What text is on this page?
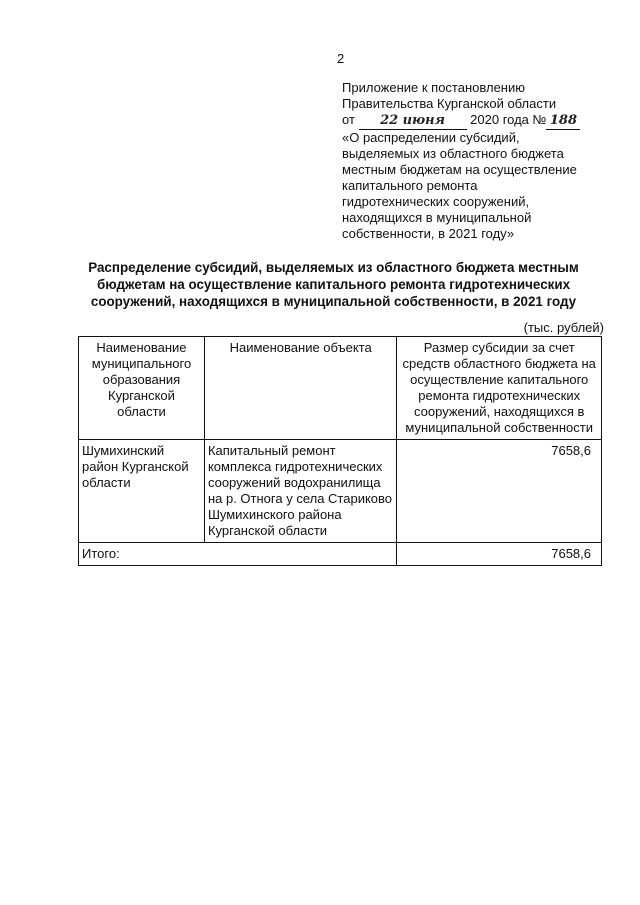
2
Приложение к постановлению
Правительства Курганской области
от 22 июня 2020 года № 188
«О распределении субсидий,
выделяемых из областного бюджета
местным бюджетам на осуществление
капитального ремонта
гидротехнических сооружений,
находящихся в муниципальной
собственности, в 2021 году»
Распределение субсидий, выделяемых из областного бюджета местным
бюджетам на осуществление капитального ремонта гидротехнических
сооружений, находящихся в муниципальной собственности, в 2021 году
(тыс. рублей)
Наименование муниципального образования Курганской области	Наименование объекта	Размер субсидии за счет средств областного бюджета на осуществление капитального ремонта гидротехнических сооружений, находящихся в муниципальной собственности
Шумихинский район Курганской области	Капитальный ремонт комплекса гидротехнических сооружений водохранилища на р. Отнога у села Стариково Шумихинского района Курганской области	7658,6
Итого:		7658,6
